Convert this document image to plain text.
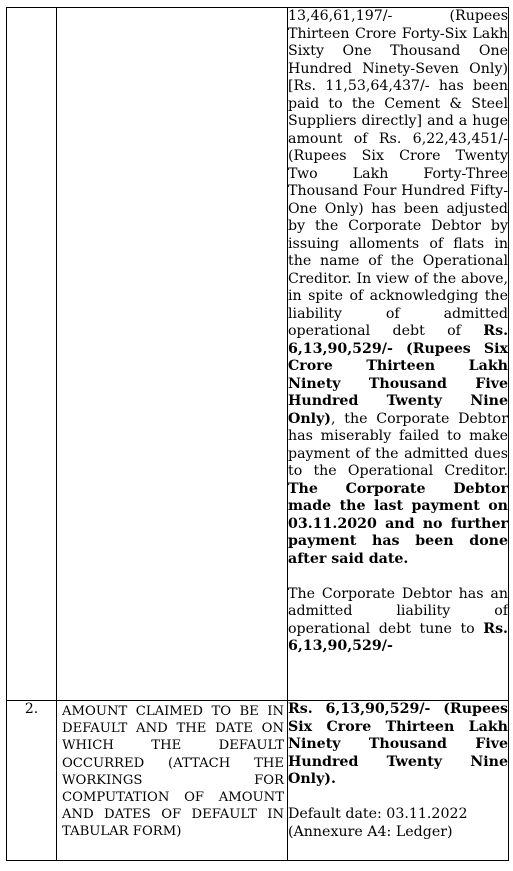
		13,46,61,197/- (Rupees Thirteen Crore Forty-Six Lakh Sixty One Thousand One Hundred Ninety-Seven Only) [Rs. 11,53,64,437/- has been paid to the Cement & Steel Suppliers directly] and a huge amount of Rs. 6,22,43,451/- (Rupees Six Crore Twenty Two Lakh Forty-Three Thousand Four Hundred Fifty-One Only) has been adjusted by the Corporate Debtor by issuing alloments of flats in the name of the Operational Creditor. In view of the above, in spite of acknowledging the liability of admitted operational debt of Rs. 6,13,90,529/- (Rupees Six Crore Thirteen Lakh Ninety Thousand Five Hundred Twenty Nine Only), the Corporate Debtor has miserably failed to make payment of the admitted dues to the Operational Creditor. The Corporate Debtor made the last payment on 03.11.2020 and no further payment has been done after said date.

The Corporate Debtor has an admitted liability of operational debt tune to Rs. 6,13,90,529/-

2.	AMOUNT CLAIMED TO BE IN DEFAULT AND THE DATE ON WHICH THE DEFAULT OCCURRED (ATTACH THE WORKINGS FOR COMPUTATION OF AMOUNT AND DATES OF DEFAULT IN TABULAR FORM)	Rs. 6,13,90,529/- (Rupees Six Crore Thirteen Lakh Ninety Thousand Five Hundred Twenty Nine Only).

Default date: 03.11.2022

(Annexure A4: Ledger)
